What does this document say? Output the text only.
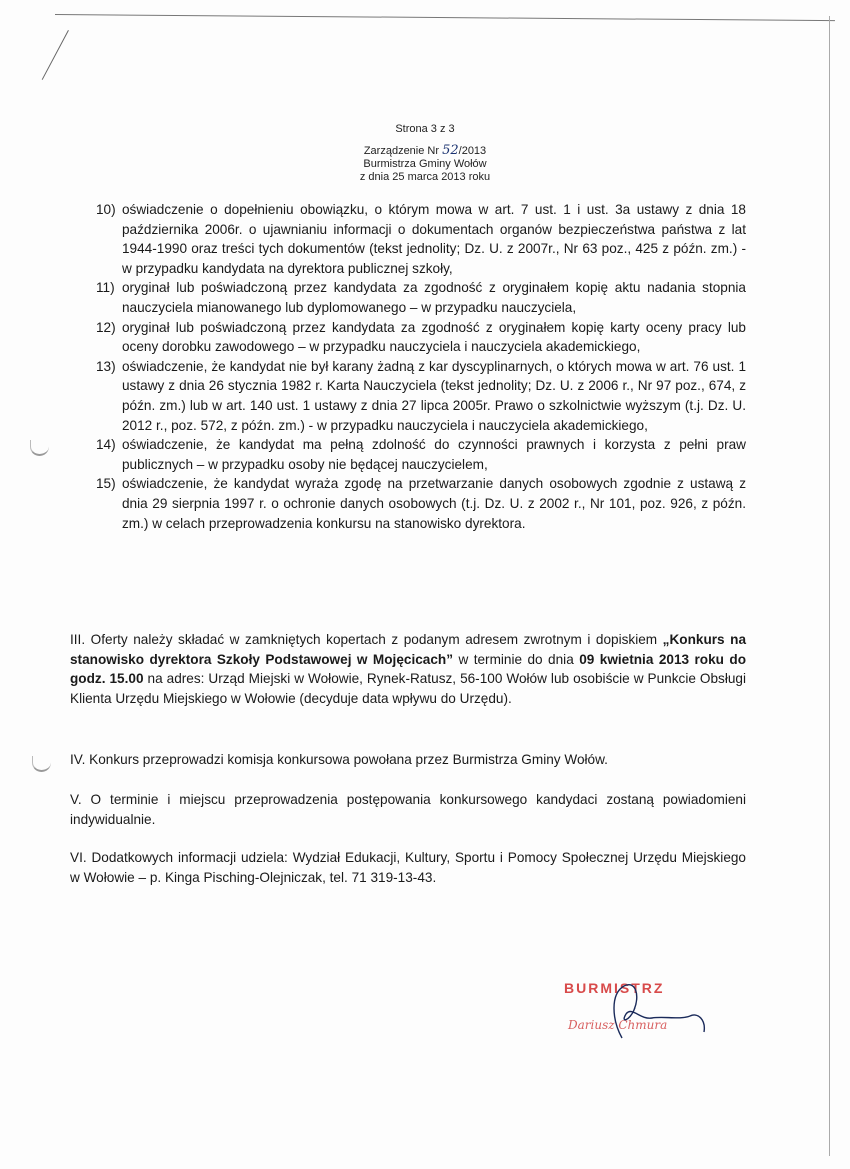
Strona 3 z 3
Zarządzenie Nr 52/2013
Burmistrza Gminy Wołów
z dnia 25 marca 2013 roku
10) oświadczenie o dopełnieniu obowiązku, o którym mowa w art. 7 ust. 1 i ust. 3a ustawy z dnia 18 października 2006r. o ujawnianiu informacji o dokumentach organów bezpieczeństwa państwa z lat 1944-1990 oraz treści tych dokumentów (tekst jednolity; Dz. U. z 2007r., Nr 63 poz., 425 z późn. zm.) - w przypadku kandydata na dyrektora publicznej szkoły,
11) oryginał lub poświadczoną przez kandydata za zgodność z oryginałem kopię aktu nadania stopnia nauczyciela mianowanego lub dyplomowanego – w przypadku nauczyciela,
12) oryginał lub poświadczoną przez kandydata za zgodność z oryginałem kopię karty oceny pracy lub oceny dorobku zawodowego – w przypadku nauczyciela i nauczyciela akademickiego,
13) oświadczenie, że kandydat nie był karany żadną z kar dyscyplinarnych, o których mowa w art. 76 ust. 1 ustawy z dnia 26 stycznia 1982 r. Karta Nauczyciela (tekst jednolity; Dz. U. z 2006 r., Nr 97 poz., 674, z późn. zm.) lub w art. 140 ust. 1 ustawy z dnia 27 lipca 2005r. Prawo o szkolnictwie wyższym (t.j. Dz. U. 2012 r., poz. 572, z późn. zm.) - w przypadku nauczyciela i nauczyciela akademickiego,
14) oświadczenie, że kandydat ma pełną zdolność do czynności prawnych i korzysta z pełni praw publicznych – w przypadku osoby nie będącej nauczycielem,
15) oświadczenie, że kandydat wyraża zgodę na przetwarzanie danych osobowych zgodnie z ustawą z dnia 29 sierpnia 1997 r. o ochronie danych osobowych (t.j. Dz. U. z 2002 r., Nr 101, poz. 926, z późn. zm.) w celach przeprowadzenia konkursu na stanowisko dyrektora.
III. Oferty należy składać w zamkniętych kopertach z podanym adresem zwrotnym i dopiskiem „Konkurs na stanowisko dyrektora Szkoły Podstawowej w Mojęcicach” w terminie do dnia 09 kwietnia 2013 roku do godz. 15.00 na adres: Urząd Miejski w Wołowie, Rynek-Ratusz, 56-100 Wołów lub osobiście w Punkcie Obsługi Klienta Urzędu Miejskiego w Wołowie (decyduje data wpływu do Urzędu).
IV. Konkurs przeprowadzi komisja konkursowa powołana przez Burmistrza Gminy Wołów.
V. O terminie i miejscu przeprowadzenia postępowania konkursowego kandydaci zostaną powiadomieni indywidualnie.
VI. Dodatkowych informacji udziela: Wydział Edukacji, Kultury, Sportu i Pomocy Społecznej Urzędu Miejskiego w Wołowie – p. Kinga Pisching-Olejniczak, tel. 71 319-13-43.
BURMISTRZ
Dariusz Chmura
